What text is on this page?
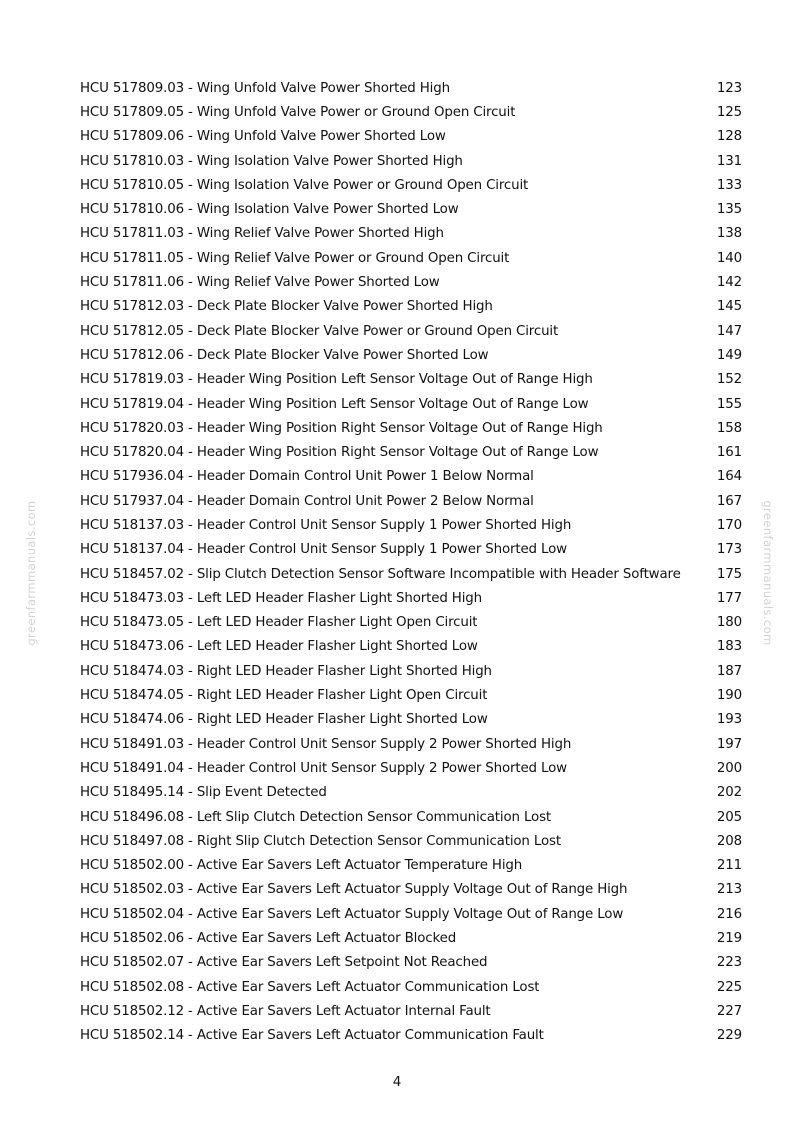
greenfarmmanuals.com	greenfarmmanuals.com
HCU 517809.03 - Wing Unfold Valve Power Shorted High	123
HCU 517809.05 - Wing Unfold Valve Power or Ground Open Circuit	125
HCU 517809.06 - Wing Unfold Valve Power Shorted Low	128
HCU 517810.03 - Wing Isolation Valve Power Shorted High	131
HCU 517810.05 - Wing Isolation Valve Power or Ground Open Circuit	133
HCU 517810.06 - Wing Isolation Valve Power Shorted Low	135
HCU 517811.03 - Wing Relief Valve Power Shorted High	138
HCU 517811.05 - Wing Relief Valve Power or Ground Open Circuit	140
HCU 517811.06 - Wing Relief Valve Power Shorted Low	142
HCU 517812.03 - Deck Plate Blocker Valve Power Shorted High	145
HCU 517812.05 - Deck Plate Blocker Valve Power or Ground Open Circuit	147
HCU 517812.06 - Deck Plate Blocker Valve Power Shorted Low	149
HCU 517819.03 - Header Wing Position Left Sensor Voltage Out of Range High	152
HCU 517819.04 - Header Wing Position Left Sensor Voltage Out of Range Low	155
HCU 517820.03 - Header Wing Position Right Sensor Voltage Out of Range High	158
HCU 517820.04 - Header Wing Position Right Sensor Voltage Out of Range Low	161
HCU 517936.04 - Header Domain Control Unit Power 1 Below Normal	164
HCU 517937.04 - Header Domain Control Unit Power 2 Below Normal	167
HCU 518137.03 - Header Control Unit Sensor Supply 1 Power Shorted High	170
HCU 518137.04 - Header Control Unit Sensor Supply 1 Power Shorted Low	173
HCU 518457.02 - Slip Clutch Detection Sensor Software Incompatible with Header Software	175
HCU 518473.03 - Left LED Header Flasher Light Shorted High	177
HCU 518473.05 - Left LED Header Flasher Light Open Circuit	180
HCU 518473.06 - Left LED Header Flasher Light Shorted Low	183
HCU 518474.03 - Right LED Header Flasher Light Shorted High	187
HCU 518474.05 - Right LED Header Flasher Light Open Circuit	190
HCU 518474.06 - Right LED Header Flasher Light Shorted Low	193
HCU 518491.03 - Header Control Unit Sensor Supply 2 Power Shorted High	197
HCU 518491.04 - Header Control Unit Sensor Supply 2 Power Shorted Low	200
HCU 518495.14 - Slip Event Detected	202
HCU 518496.08 - Left Slip Clutch Detection Sensor Communication Lost	205
HCU 518497.08 - Right Slip Clutch Detection Sensor Communication Lost	208
HCU 518502.00 - Active Ear Savers Left Actuator Temperature High	211
HCU 518502.03 - Active Ear Savers Left Actuator Supply Voltage Out of Range High	213
HCU 518502.04 - Active Ear Savers Left Actuator Supply Voltage Out of Range Low	216
HCU 518502.06 - Active Ear Savers Left Actuator Blocked	219
HCU 518502.07 - Active Ear Savers Left Setpoint Not Reached	223
HCU 518502.08 - Active Ear Savers Left Actuator Communication Lost	225
HCU 518502.12 - Active Ear Savers Left Actuator Internal Fault	227
HCU 518502.14 - Active Ear Savers Left Actuator Communication Fault	229
4
